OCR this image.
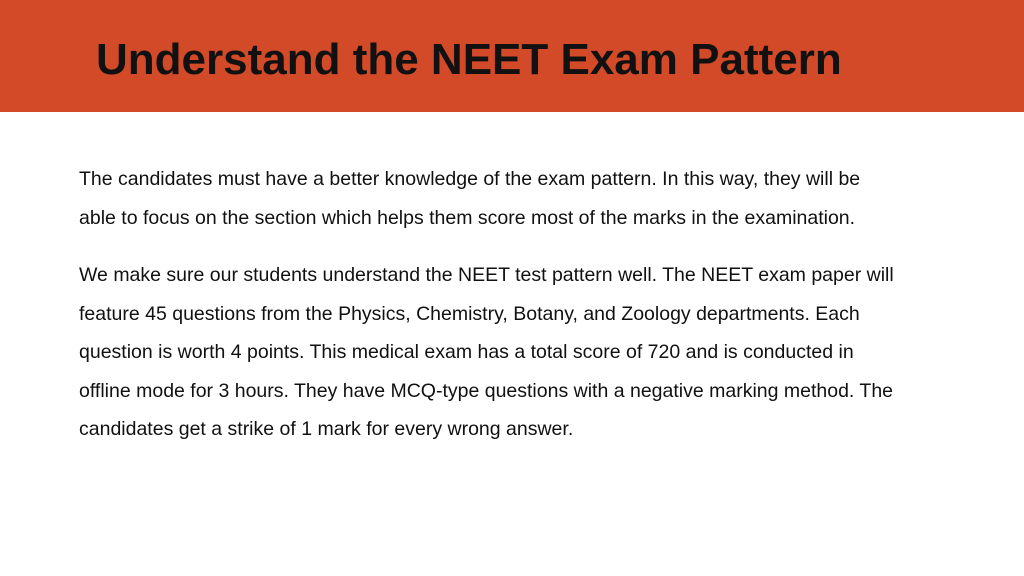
Understand the NEET Exam Pattern

The candidates must have a better knowledge of the exam pattern. In this way, they will be able to focus on the section which helps them score most of the marks in the examination.

We make sure our students understand the NEET test pattern well. The NEET exam paper will feature 45 questions from the Physics, Chemistry, Botany, and Zoology departments. Each question is worth 4 points. This medical exam has a total score of 720 and is conducted in offline mode for 3 hours. They have MCQ-type questions with a negative marking method. The candidates get a strike of 1 mark for every wrong answer.
